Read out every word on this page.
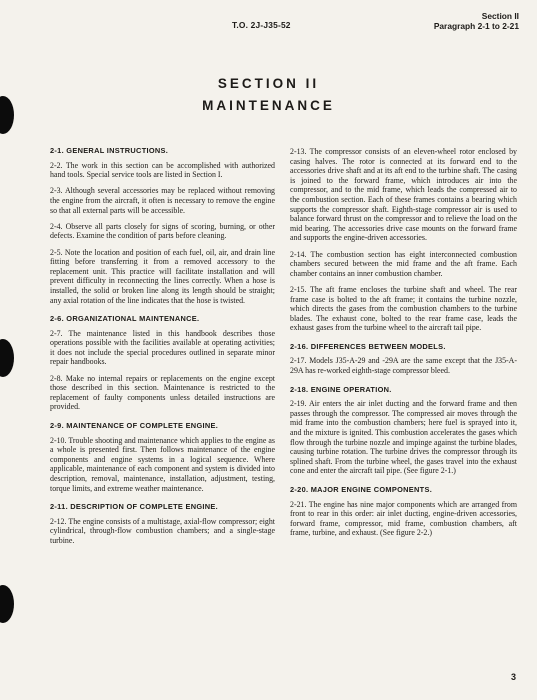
T.O. 2J-J35-52
Section II
Paragraph 2-1 to 2-21
SECTION II
MAINTENANCE
2-1. GENERAL INSTRUCTIONS.
2-2. The work in this section can be accomplished with authorized hand tools. Special service tools are listed in Section I.
2-3. Although several accessories may be replaced without removing the engine from the aircraft, it often is necessary to remove the engine so that all external parts will be accessible.
2-4. Observe all parts closely for signs of scoring, burning, or other defects. Examine the condition of parts before cleaning.
2-5. Note the location and position of each fuel, oil, air, and drain line fitting before transferring it from a removed accessory to the replacement unit. This practice will facilitate installation and will prevent difficulty in reconnecting the lines correctly. When a hose is installed, the solid or broken line along its length should be straight; any axial rotation of the line indicates that the hose is twisted.
2-6. ORGANIZATIONAL MAINTENANCE.
2-7. The maintenance listed in this handbook describes those operations possible with the facilities available at operating activities; it does not include the special procedures outlined in separate minor repair handbooks.
2-8. Make no internal repairs or replacements on the engine except those described in this section. Maintenance is restricted to the replacement of faulty components unless detailed instructions are provided.
2-9. MAINTENANCE OF COMPLETE ENGINE.
2-10. Trouble shooting and maintenance which applies to the engine as a whole is presented first. Then follows maintenance of the engine components and engine systems in a logical sequence. Where applicable, maintenance of each component and system is divided into description, removal, maintenance, installation, adjustment, testing, torque limits, and extreme weather maintenance.
2-11. DESCRIPTION OF COMPLETE ENGINE.
2-12. The engine consists of a multistage, axial-flow compressor; eight cylindrical, through-flow combustion chambers; and a single-stage turbine.
2-13. The compressor consists of an eleven-wheel rotor enclosed by casing halves. The rotor is connected at its forward end to the accessories drive shaft and at its aft end to the turbine shaft. The casing is joined to the forward frame, which introduces air into the compressor, and to the mid frame, which leads the compressed air to the combustion section. Each of these frames contains a bearing which supports the compressor shaft. Eighth-stage compressor air is used to balance forward thrust on the compressor and to relieve the load on the mid bearing. The accessories drive case mounts on the forward frame and supports the engine-driven accessories.
2-14. The combustion section has eight interconnected combustion chambers secured between the mid frame and the aft frame. Each chamber contains an inner combustion chamber.
2-15. The aft frame encloses the turbine shaft and wheel. The rear frame case is bolted to the aft frame; it contains the turbine nozzle, which directs the gases from the combustion chambers to the turbine blades. The exhaust cone, bolted to the rear frame case, leads the exhaust gases from the turbine wheel to the aircraft tail pipe.
2-16. DIFFERENCES BETWEEN MODELS.
2-17. Models J35-A-29 and -29A are the same except that the J35-A-29A has re-worked eighth-stage compressor bleed.
2-18. ENGINE OPERATION.
2-19. Air enters the air inlet ducting and the forward frame and then passes through the compressor. The compressed air moves through the mid frame into the combustion chambers; here fuel is sprayed into it, and the mixture is ignited. This combustion accelerates the gases which flow through the turbine nozzle and impinge against the turbine blades, causing turbine rotation. The turbine drives the compressor through its splined shaft. From the turbine wheel, the gases travel into the exhaust cone and enter the aircraft tail pipe. (See figure 2-1.)
2-20. MAJOR ENGINE COMPONENTS.
2-21. The engine has nine major components which are arranged from front to rear in this order: air inlet ducting, engine-driven accessories, forward frame, compressor, mid frame, combustion chambers, aft frame, turbine, and exhaust. (See figure 2-2.)
3
